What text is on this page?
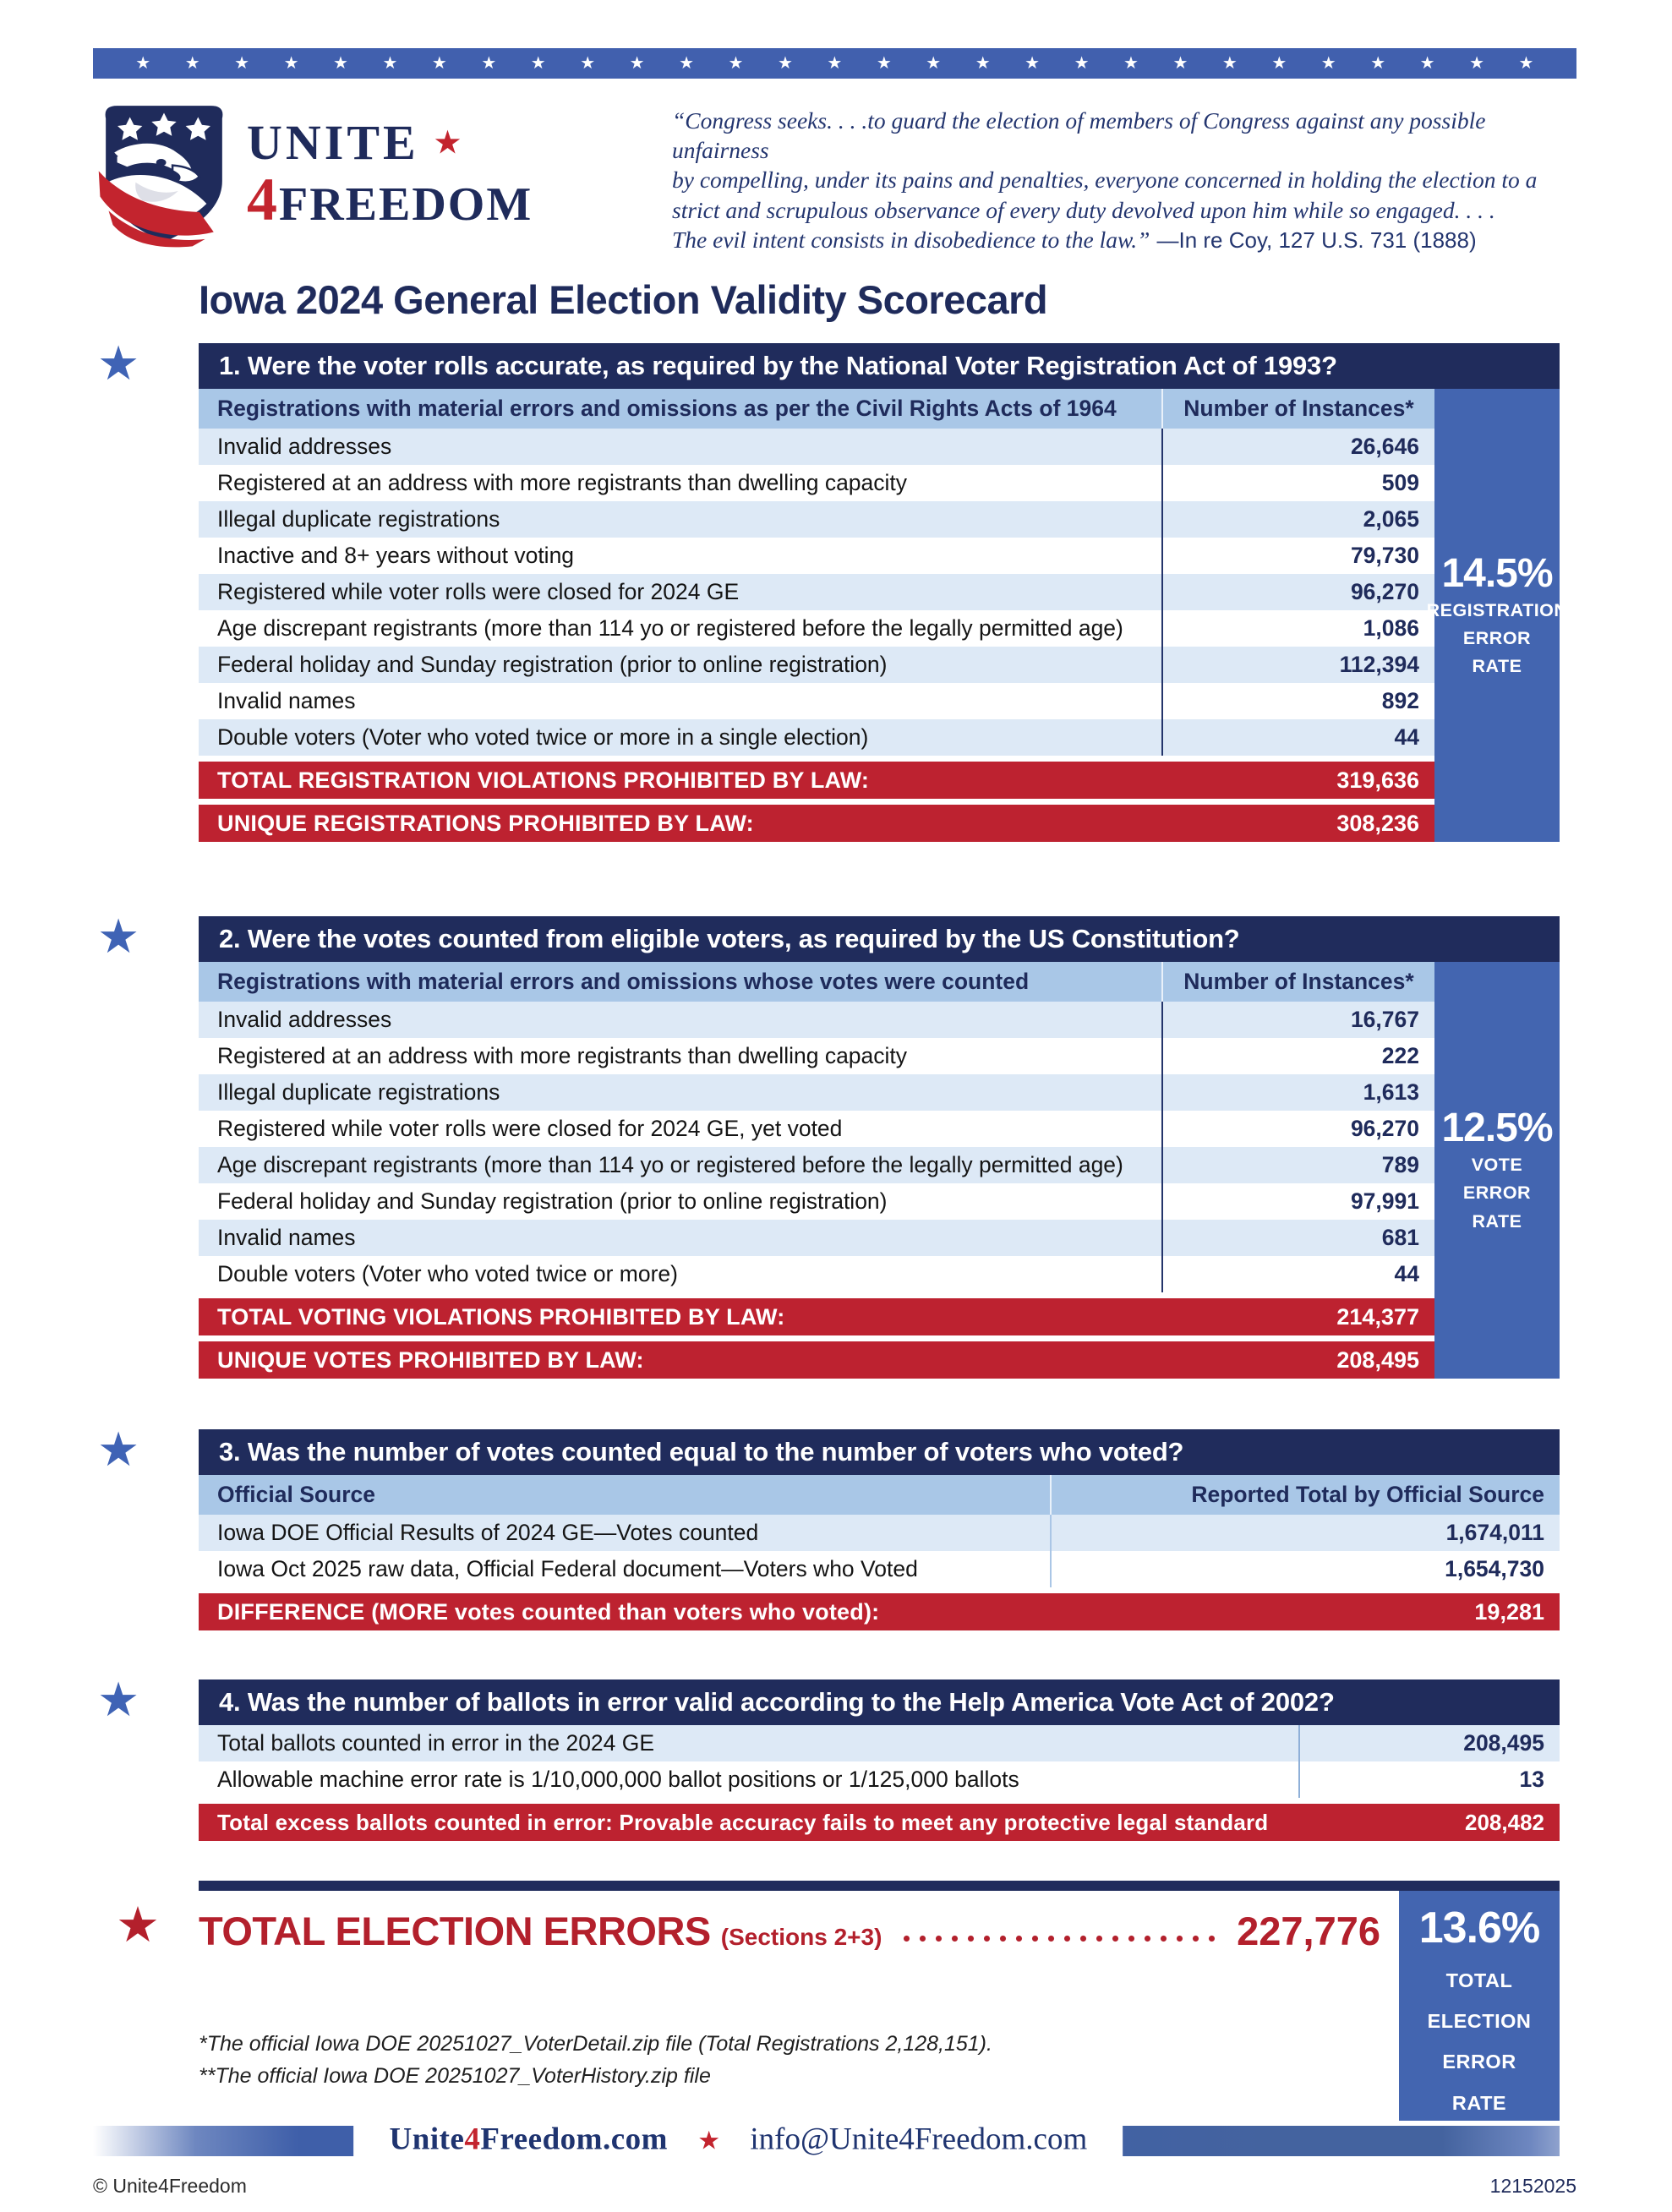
★ ★ ★ ★ ★ ★ ★ ★ ★ ★ ★ ★ ★ ★ ★ ★ ★ ★ ★ ★ ★ ★ ★ ★ ★ ★ ★ ★ ★
UNITE ★
4FREEDOM
“Congress seeks. . . .to guard the election of members of Congress against any possible unfairness
by compelling, under its pains and penalties, everyone concerned in holding the election to a
strict and scrupulous observance of every duty devolved upon him while so engaged. . . .
The evil intent consists in disobedience to the law.” —In re Coy, 127 U.S. 731 (1888)
Iowa 2024 General Election Validity Scorecard
★	1. Were the voter rolls accurate, as required by the National Voter Registration Act of 1993?
Registrations with material errors and omissions as per the Civil Rights Acts of 1964	Number of Instances*
Invalid addresses	26,646
Registered at an address with more registrants than dwelling capacity	509
Illegal duplicate registrations	2,065
Inactive and 8+ years without voting	79,730
Registered while voter rolls were closed for 2024 GE	96,270
Age discrepant registrants (more than 114 yo or registered before the legally permitted age)	1,086
Federal holiday and Sunday registration (prior to online registration)	112,394
Invalid names	892
Double voters (Voter who voted twice or more in a single election)	44
TOTAL REGISTRATION VIOLATIONS PROHIBITED BY LAW:	319,636
UNIQUE REGISTRATIONS PROHIBITED BY LAW:	308,236
14.5%
REGISTRATION
ERROR
RATE
★	2. Were the votes counted from eligible voters, as required by the US Constitution?
Registrations with material errors and omissions whose votes were counted	Number of Instances*
Invalid addresses	16,767
Registered at an address with more registrants than dwelling capacity	222
Illegal duplicate registrations	1,613
Registered while voter rolls were closed for 2024 GE, yet voted	96,270
Age discrepant registrants (more than 114 yo or registered before the legally permitted age)	789
Federal holiday and Sunday registration (prior to online registration)	97,991
Invalid names	681
Double voters (Voter who voted twice or more)	44
TOTAL VOTING VIOLATIONS PROHIBITED BY LAW:	214,377
UNIQUE VOTES PROHIBITED BY LAW:	208,495
12.5%
VOTE
ERROR
RATE
★	3. Was the number of votes counted equal to the number of voters who voted?
Official Source	Reported Total by Official Source
Iowa DOE Official Results of 2024 GE—Votes counted	1,674,011
Iowa Oct 2025 raw data, Official Federal document—Voters who Voted	1,654,730
DIFFERENCE (MORE votes counted than voters who voted):	19,281
★	4. Was the number of ballots in error valid according to the Help America Vote Act of 2002?
Total ballots counted in error in the 2024 GE	208,495
Allowable machine error rate is 1/10,000,000 ballot positions or 1/125,000 ballots	13
Total excess ballots counted in error: Provable accuracy fails to meet any protective legal standard	208,482
★ TOTAL ELECTION ERRORS (Sections 2+3)	227,776
*The official Iowa DOE 20251027_VoterDetail.zip file (Total Registrations 2,128,151).
**The official Iowa DOE 20251027_VoterHistory.zip file
13.6%
TOTAL
ELECTION
ERROR
RATE
Unite4Freedom.com ★ info@Unite4Freedom.com
© Unite4Freedom	12152025
